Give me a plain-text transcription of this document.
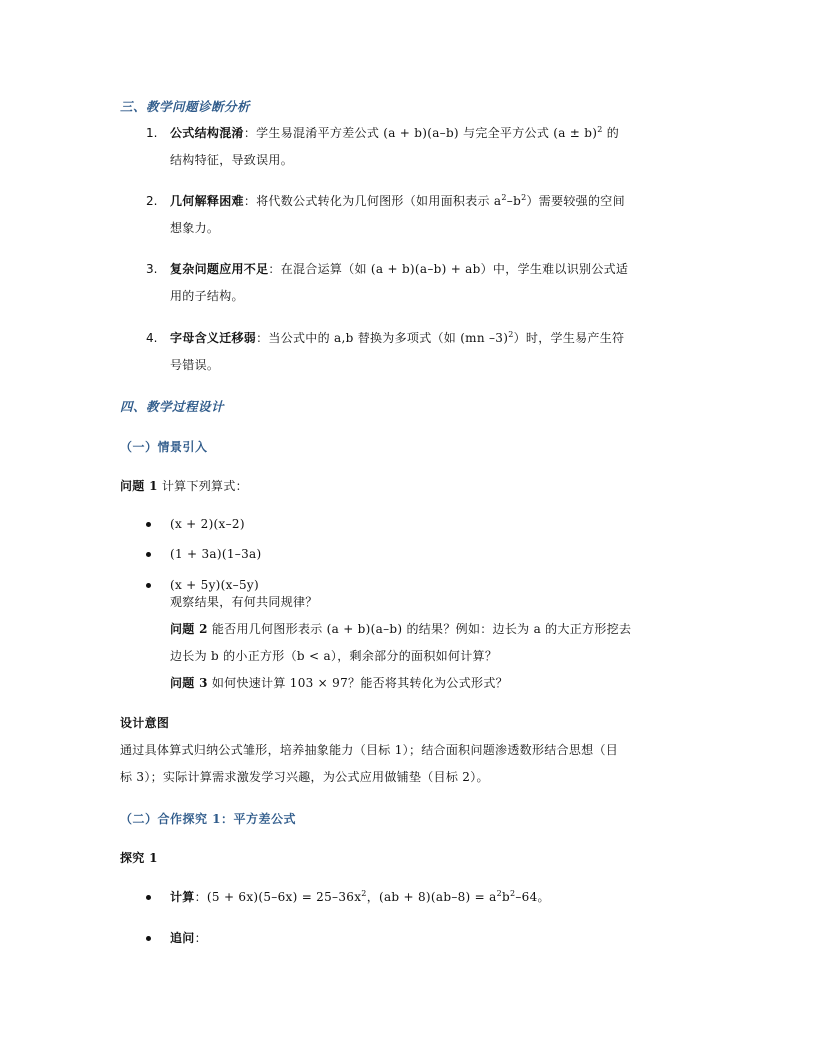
三、教学问题诊断分析
1. 公式结构混淆：学生易混淆平方差公式 (a + b)(a–b) 与完全平方公式 $(a \pm b)^2$ 的
结构特征，导致误用。
2. 几何解释困难：将代数公式转化为几何图形（如用面积表示 $a^2-b^2$）需要较强的空间
想象力。
3. 复杂问题应用不足：在混合运算（如 (a + b)(a–b) + ab）中，学生难以识别公式适
用的子结构。
4. 字母含义迁移弱：当公式中的 a,b 替换为多项式（如 (mn –3)$^2$）时，学生易产生符
号错误。
四、教学过程设计
（一）情景引入
问题 1 计算下列算式：
(x + 2)(x–2)
(1 + 3a)(1–3a)
(x + 5y)(x–5y)
观察结果，有何共同规律？
问题 2 能否用几何图形表示 (a + b)(a–b) 的结果？例如：边长为 a 的大正方形挖去
边长为 b 的小正方形（b < a），剩余部分的面积如何计算？
问题 3 如何快速计算 103 × 97？能否将其转化为公式形式？
设计意图
通过具体算式归纳公式雏形，培养抽象能力（目标 1）；结合面积问题渗透数形结合思想（目
标 3）；实际计算需求激发学习兴趣，为公式应用做铺垫（目标 2）。
（二）合作探究 1：平方差公式
探究 1
计算：$(5 + 6x)(5-6x) = 25-36x^2$，$(ab + 8)(ab-8) = a^2b^2-64$。
追问：
